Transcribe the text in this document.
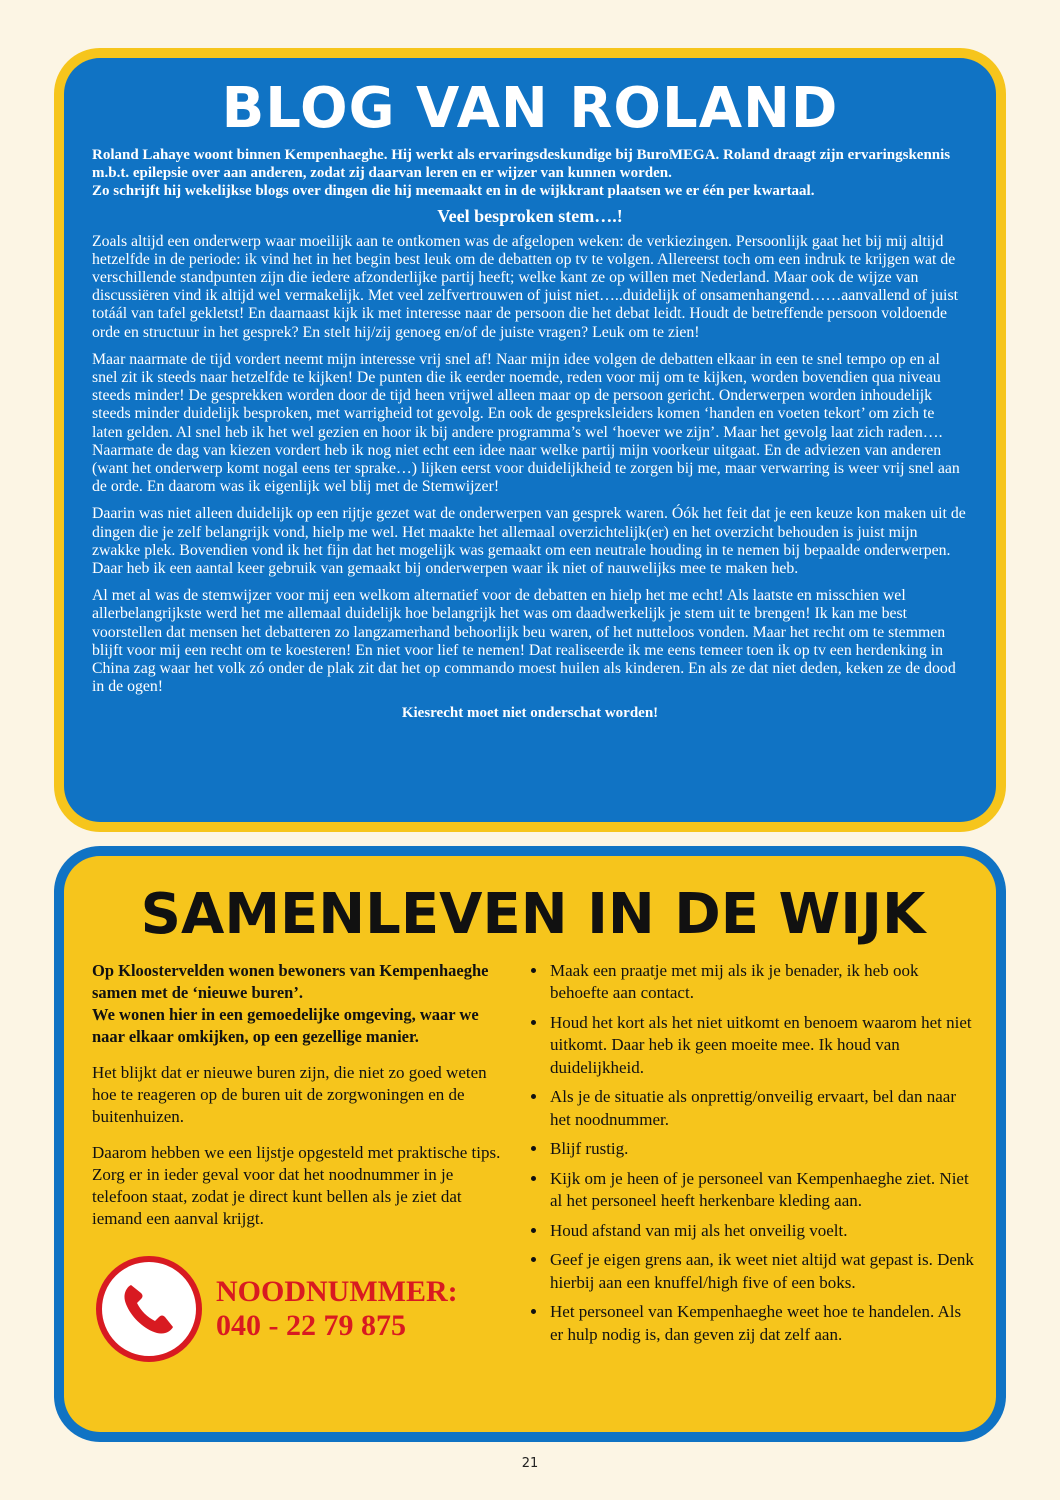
BLOG VAN ROLAND

Roland Lahaye woont binnen Kempenhaeghe. Hij werkt als ervaringsdeskundige bij BuroMEGA. Roland draagt zijn ervaringskennis m.b.t. epilepsie over aan anderen, zodat zij daarvan leren en er wijzer van kunnen worden.
Zo schrijft hij wekelijkse blogs over dingen die hij meemaakt en in de wijkkrant plaatsen we er één per kwartaal.

Veel besproken stem….!

Zoals altijd een onderwerp waar moeilijk aan te ontkomen was de afgelopen weken: de verkiezingen. Persoonlijk gaat het bij mij altijd hetzelfde in de periode: ik vind het in het begin best leuk om de debatten op tv te volgen. Allereerst toch om een indruk te krijgen wat de verschillende standpunten zijn die iedere afzonderlijke partij heeft; welke kant ze op willen met Nederland. Maar ook de wijze van discussiëren vind ik altijd wel vermakelijk. Met veel zelfvertrouwen of juist niet…..duidelijk of onsamenhangend……aanvallend of juist totáál van tafel gekletst! En daarnaast kijk ik met interesse naar de persoon die het debat leidt. Houdt de betreffende persoon voldoende orde en structuur in het gesprek? En stelt hij/zij genoeg en/of de juiste vragen? Leuk om te zien!

Maar naarmate de tijd vordert neemt mijn interesse vrij snel af! Naar mijn idee volgen de debatten elkaar in een te snel tempo op en al snel zit ik steeds naar hetzelfde te kijken! De punten die ik eerder noemde, reden voor mij om te kijken, worden bovendien qua niveau steeds minder! De gesprekken worden door de tijd heen vrijwel alleen maar op de persoon gericht. Onderwerpen worden inhoudelijk steeds minder duidelijk besproken, met warrigheid tot gevolg. En ook de gespreksleiders komen ‘handen en voeten tekort’ om zich te laten gelden. Al snel heb ik het wel gezien en hoor ik bij andere programma’s wel ‘hoever we zijn’. Maar het gevolg laat zich raden…. Naarmate de dag van kiezen vordert heb ik nog niet echt een idee naar welke partij mijn voorkeur uitgaat. En de adviezen van anderen (want het onderwerp komt nogal eens ter sprake…) lijken eerst voor duidelijkheid te zorgen bij me, maar verwarring is weer vrij snel aan de orde. En daarom was ik eigenlijk wel blij met de Stemwijzer!

Daarin was niet alleen duidelijk op een rijtje gezet wat de onderwerpen van gesprek waren. Óók het feit dat je een keuze kon maken uit de dingen die je zelf belangrijk vond, hielp me wel. Het maakte het allemaal overzichtelijk(er) en het overzicht behouden is juist mijn zwakke plek. Bovendien vond ik het fijn dat het mogelijk was gemaakt om een neutrale houding in te nemen bij bepaalde onderwerpen. Daar heb ik een aantal keer gebruik van gemaakt bij onderwerpen waar ik niet of nauwelijks mee te maken heb.

Al met al was de stemwijzer voor mij een welkom alternatief voor de debatten en hielp het me echt! Als laatste en misschien wel allerbelangrijkste werd het me allemaal duidelijk hoe belangrijk het was om daadwerkelijk je stem uit te brengen! Ik kan me best voorstellen dat mensen het debatteren zo langzamerhand behoorlijk beu waren, of het nutteloos vonden. Maar het recht om te stemmen blijft voor mij een recht om te koesteren! En niet voor lief te nemen! Dat realiseerde ik me eens temeer toen ik op tv een herdenking in China zag waar het volk zó onder de plak zit dat het op commando moest huilen als kinderen. En als ze dat niet deden, keken ze de dood in de ogen!

Kiesrecht moet niet onderschat worden!
SAMENLEVEN IN DE WIJK

Op Kloostervelden wonen bewoners van Kempenhaeghe samen met de ‘nieuwe buren’.
We wonen hier in een gemoedelijke omgeving, waar we naar elkaar omkijken, op een gezellige manier.

Het blijkt dat er nieuwe buren zijn, die niet zo goed weten hoe te reageren op de buren uit de zorgwoningen en de buitenhuizen.

Daarom hebben we een lijstje opgesteld met praktische tips.
Zorg er in ieder geval voor dat het noodnummer in je telefoon staat, zodat je direct kunt bellen als je ziet dat iemand een aanval krijgt.

NOODNUMMER:
040 - 22 79 875
• Maak een praatje met mij als ik je benader, ik heb ook behoefte aan contact.
• Houd het kort als het niet uitkomt en benoem waarom het niet uitkomt. Daar heb ik geen moeite mee. Ik houd van duidelijkheid.
• Als je de situatie als onprettig/onveilig ervaart, bel dan naar het noodnummer.
• Blijf rustig.
• Kijk om je heen of je personeel van Kempenhaeghe ziet. Niet al het personeel heeft herkenbare kleding aan.
• Houd afstand van mij als het onveilig voelt.
• Geef je eigen grens aan, ik weet niet altijd wat gepast is. Denk hierbij aan een knuffel/high five of een boks.
• Het personeel van Kempenhaeghe weet hoe te handelen. Als er hulp nodig is, dan geven zij dat zelf aan.
21
